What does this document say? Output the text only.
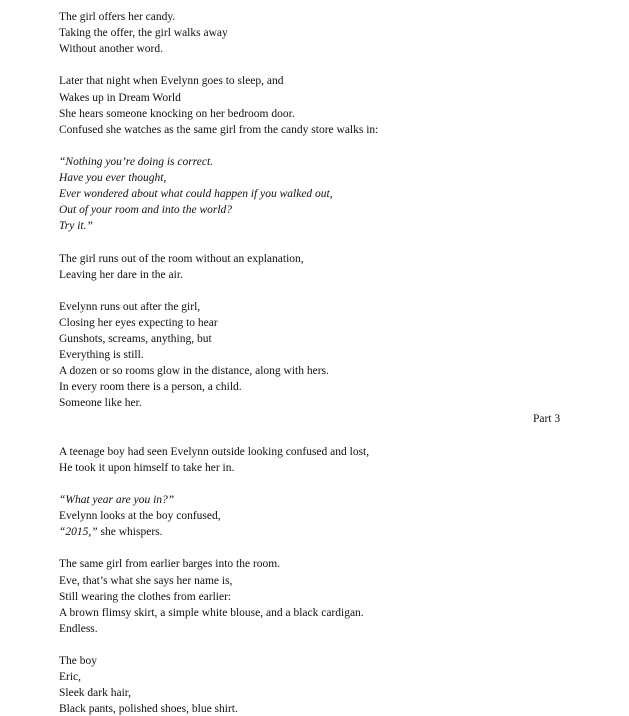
Part 3
The girl offers her candy.
Taking the offer, the girl walks away
Without another word.
Later that night when Evelynn goes to sleep, and
Wakes up in Dream World
She hears someone knocking on her bedroom door.
Confused she watches as the same girl from the candy store walks in:
“Nothing you’re doing is correct.
Have you ever thought,
Ever wondered about what could happen if you walked out,
Out of your room and into the world?
Try it.”
The girl runs out of the room without an explanation,
Leaving her dare in the air.
Evelynn runs out after the girl,
Closing her eyes expecting to hear
Gunshots, screams, anything, but
Everything is still.
A dozen or so rooms glow in the distance, along with hers.
In every room there is a person, a child.
Someone like her.
A teenage boy had seen Evelynn outside looking confused and lost,
He took it upon himself to take her in.
“What year are you in?”
Evelynn looks at the boy confused,
“2015,” she whispers.
The same girl from earlier barges into the room.
Eve, that’s what she says her name is,
Still wearing the clothes from earlier:
A brown flimsy skirt, a simple white blouse, and a black cardigan.
Endless.
The boy
Eric,
Sleek dark hair,
Black pants, polished shoes, blue shirt.
